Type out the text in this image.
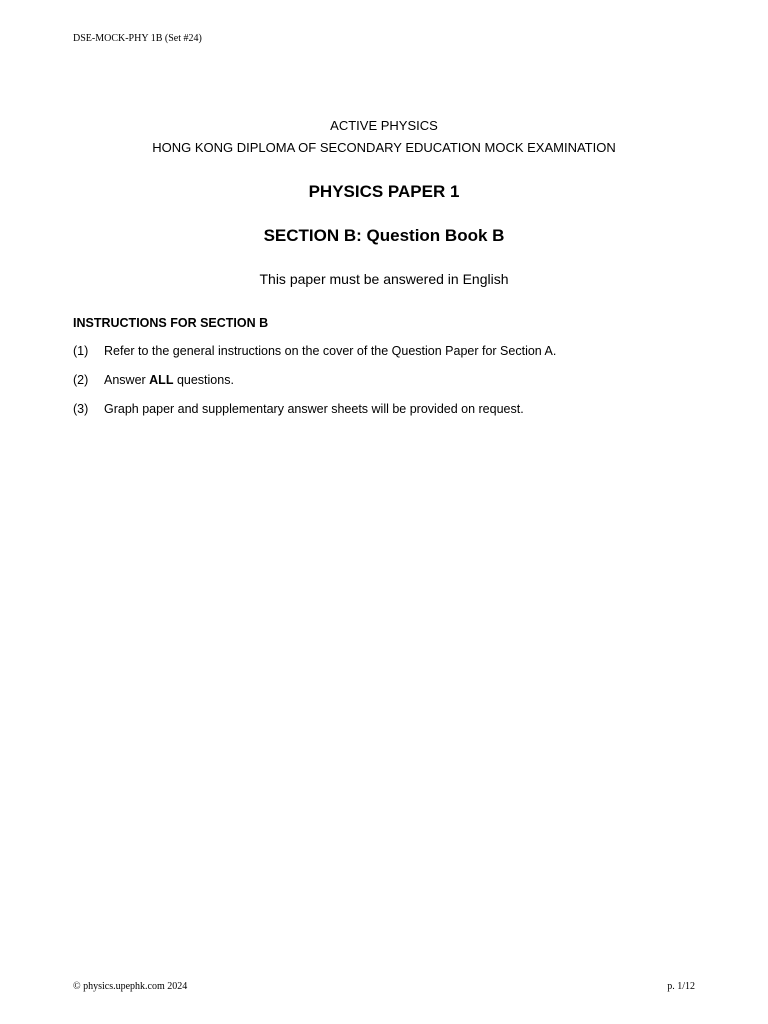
DSE-MOCK-PHY 1B (Set #24)
ACTIVE PHYSICS
HONG KONG DIPLOMA OF SECONDARY EDUCATION MOCK EXAMINATION
PHYSICS PAPER 1
SECTION B: Question Book B
This paper must be answered in English
INSTRUCTIONS FOR SECTION B
(1) Refer to the general instructions on the cover of the Question Paper for Section A.
(2) Answer ALL questions.
(3) Graph paper and supplementary answer sheets will be provided on request.
© physics.upephk.com 2024	p. 1/12
